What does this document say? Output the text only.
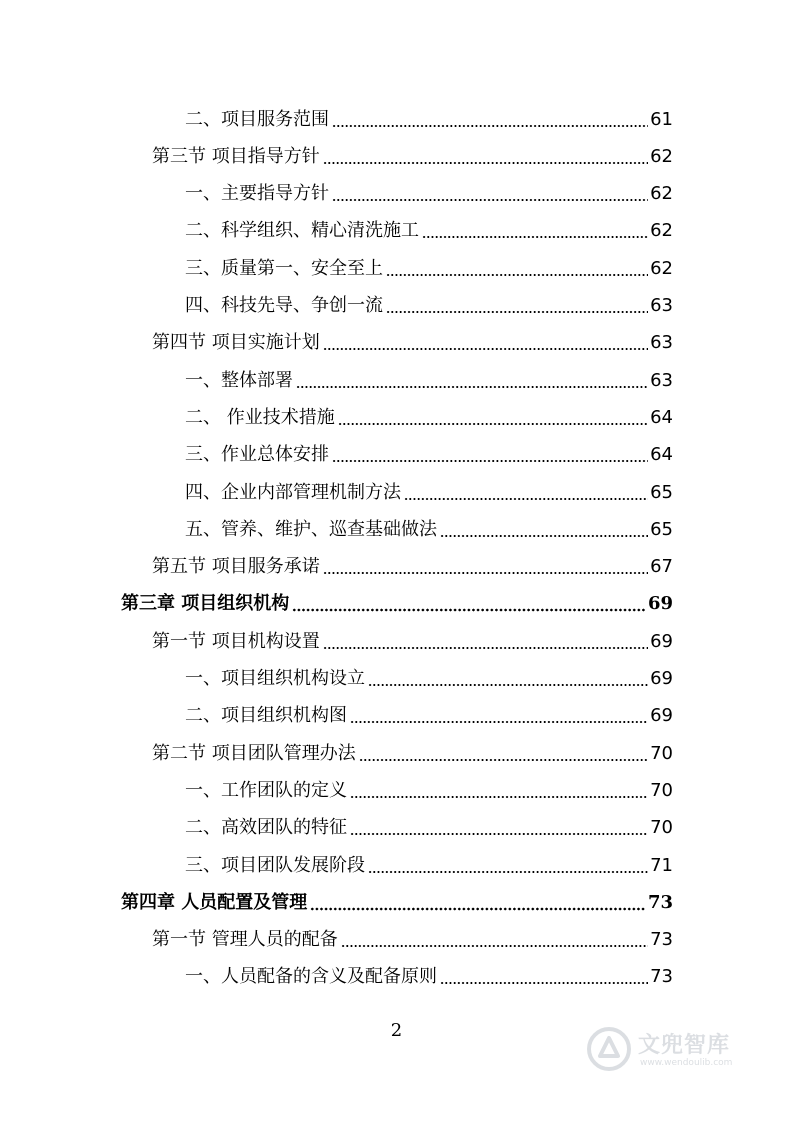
二、项目服务范围	61
第三节 项目指导方针	62
一、主要指导方针	62
二、科学组织、精心清洗施工	62
三、质量第一、安全至上	62
四、科技先导、争创一流	63
第四节 项目实施计划	63
一、整体部署	63
二、 作业技术措施	64
三、作业总体安排	64
四、企业内部管理机制方法	65
五、管养、维护、巡查基础做法	65
第五节 项目服务承诺	67
第三章 项目组织机构	69
第一节 项目机构设置	69
一、项目组织机构设立	69
二、项目组织机构图	69
第二节 项目团队管理办法	70
一、工作团队的定义	70
二、高效团队的特征	70
三、项目团队发展阶段	71
第四章 人员配置及管理	73
第一节 管理人员的配备	73
一、人员配备的含义及配备原则	73
2
文兜智库
www.wendoulib.com
